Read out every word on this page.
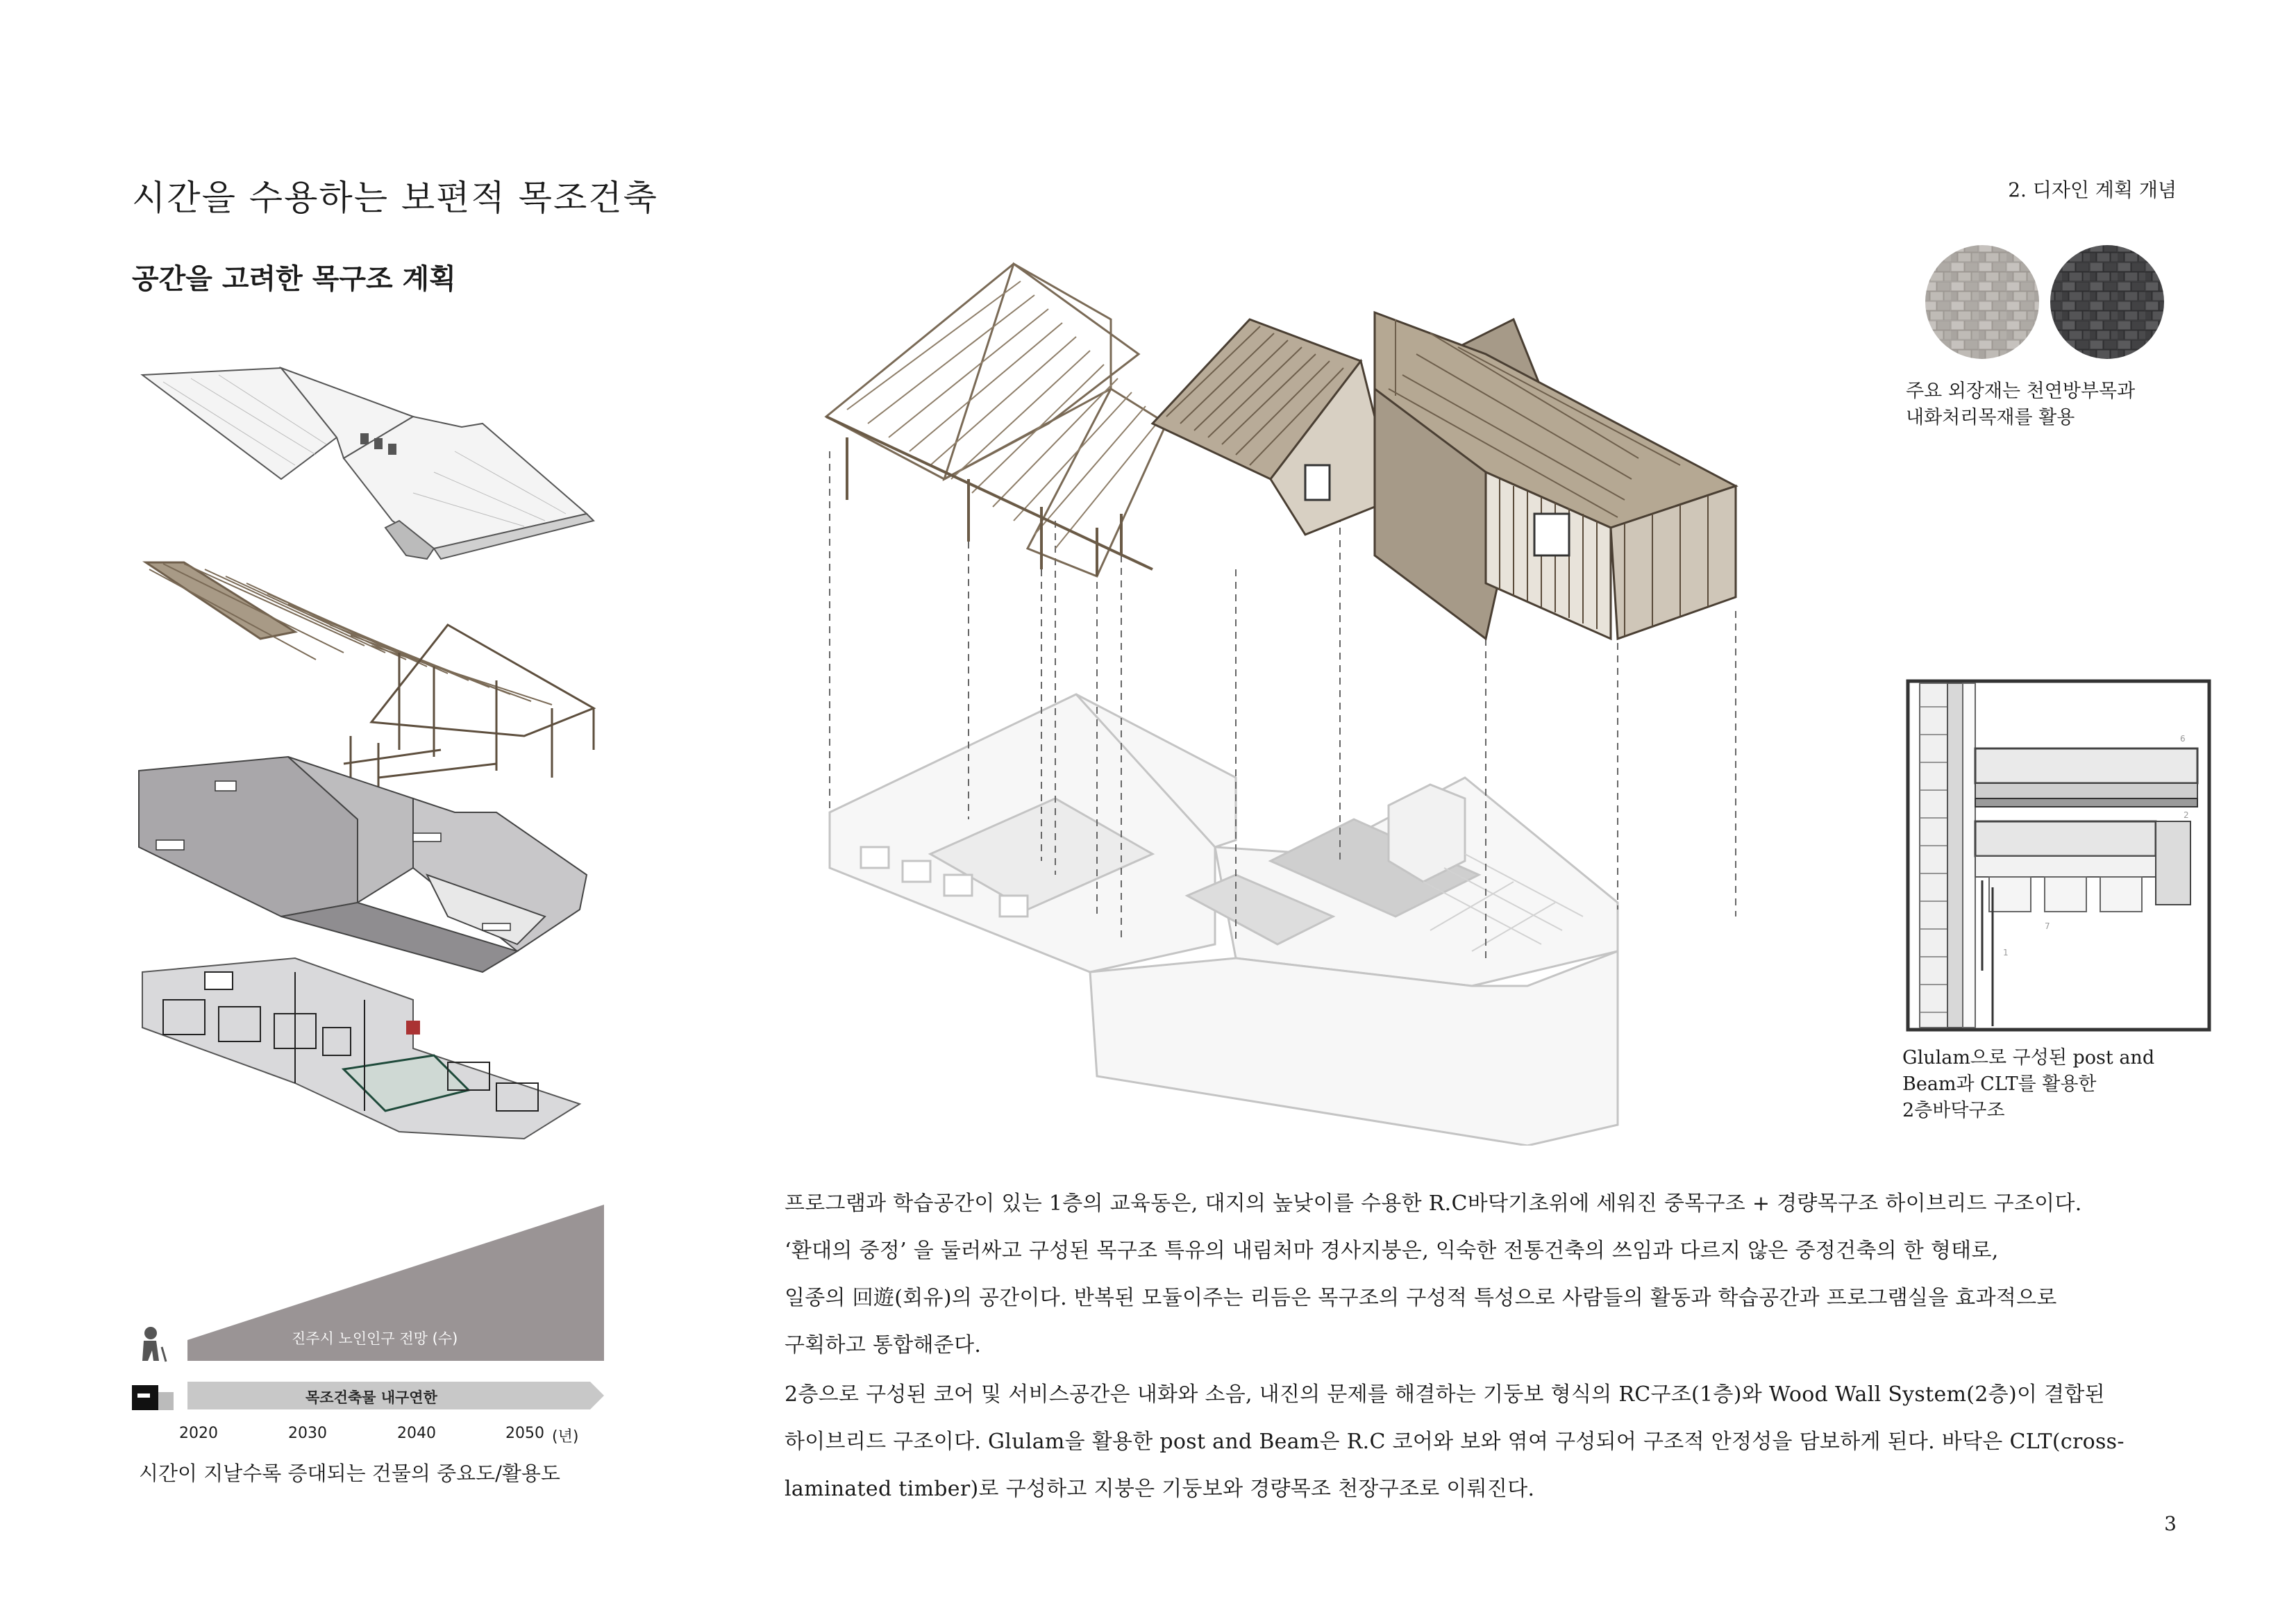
시간을 수용하는 보편적 목조건축
공간을 고려한 목구조 계획
2. 디자인 계획 개념
3
주요 외장재는 천연방부목과
내화처리목재를 활용
6
2
7
1
Glulam으로 구성된 post and
Beam과 CLT를 활용한
2층바닥구조
진주시 노인인구 전망 (수)
목조건축물 내구연한
2020	2030	2040	2050 (년)
시간이 지날수록 증대되는 건물의 중요도/활용도
프로그램과 학습공간이 있는 1층의 교육동은, 대지의 높낮이를 수용한 R.C바닥기초위에 세워진 중목구조 + 경량목구조 하이브리드 구조이다.
‘환대의 중정’ 을 둘러싸고 구성된 목구조 특유의 내림처마 경사지붕은, 익숙한 전통건축의 쓰임과 다르지 않은 중정건축의 한 형태로,
일종의 回遊(회유)의 공간이다. 반복된 모듈이주는 리듬은 목구조의 구성적 특성으로 사람들의 활동과 학습공간과 프로그램실을 효과적으로
구획하고 통합해준다.
2층으로 구성된 코어 및 서비스공간은 내화와 소음, 내진의 문제를 해결하는 기둥보 형식의 RC구조(1층)와 Wood Wall System(2층)이 결합된
하이브리드 구조이다. Glulam을 활용한 post and Beam은 R.C 코어와 보와 엮여 구성되어 구조적 안정성을 담보하게 된다. 바닥은 CLT(cross-
laminated timber)로 구성하고 지붕은 기둥보와 경량목조 천장구조로 이뤄진다.
